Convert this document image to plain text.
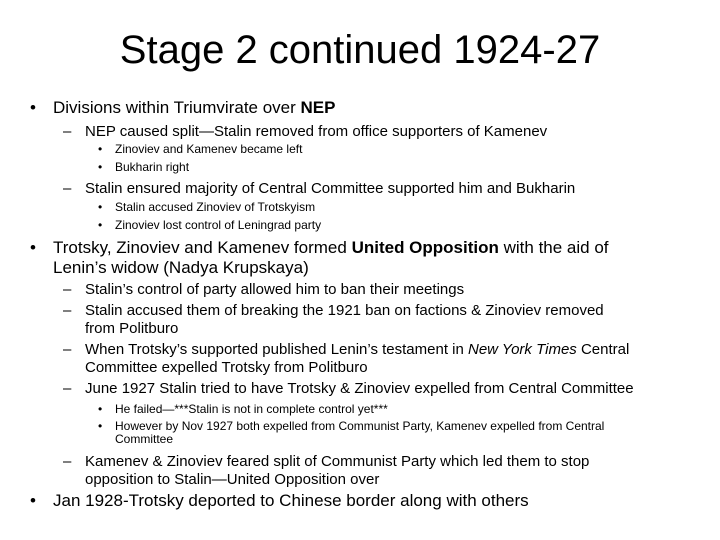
Stage 2 continued 1924-27
•	Divisions within Triumvirate over NEP
– NEP caused split—Stalin removed from office supporters of Kamenev
•	Zinoviev and Kamenev became left
•	Bukharin right
– Stalin ensured majority of Central Committee supported him and Bukharin
•	Stalin accused Zinoviev of Trotskyism
•	Zinoviev lost control of Leningrad party
• Trotsky, Zinoviev and Kamenev formed United Opposition with the aid of
Lenin’s widow (Nadya Krupskaya)
– Stalin’s control of party allowed him to ban their meetings
– Stalin accused them of breaking the 1921 ban on factions & Zinoviev removed
from Politburo
– When Trotsky’s supported published Lenin’s testament in New York Times Central
Committee expelled Trotsky from Politburo
– June 1927 Stalin tried to have Trotsky & Zinoviev expelled from Central Committee
•	He failed—***Stalin is not in complete control yet***
• However by Nov 1927 both expelled from Communist Party, Kamenev expelled from Central
Committee
– Kamenev & Zinoviev feared split of Communist Party which led them to stop
opposition to Stalin—United Opposition over
•	Jan 1928-Trotsky deported to Chinese border along with others
